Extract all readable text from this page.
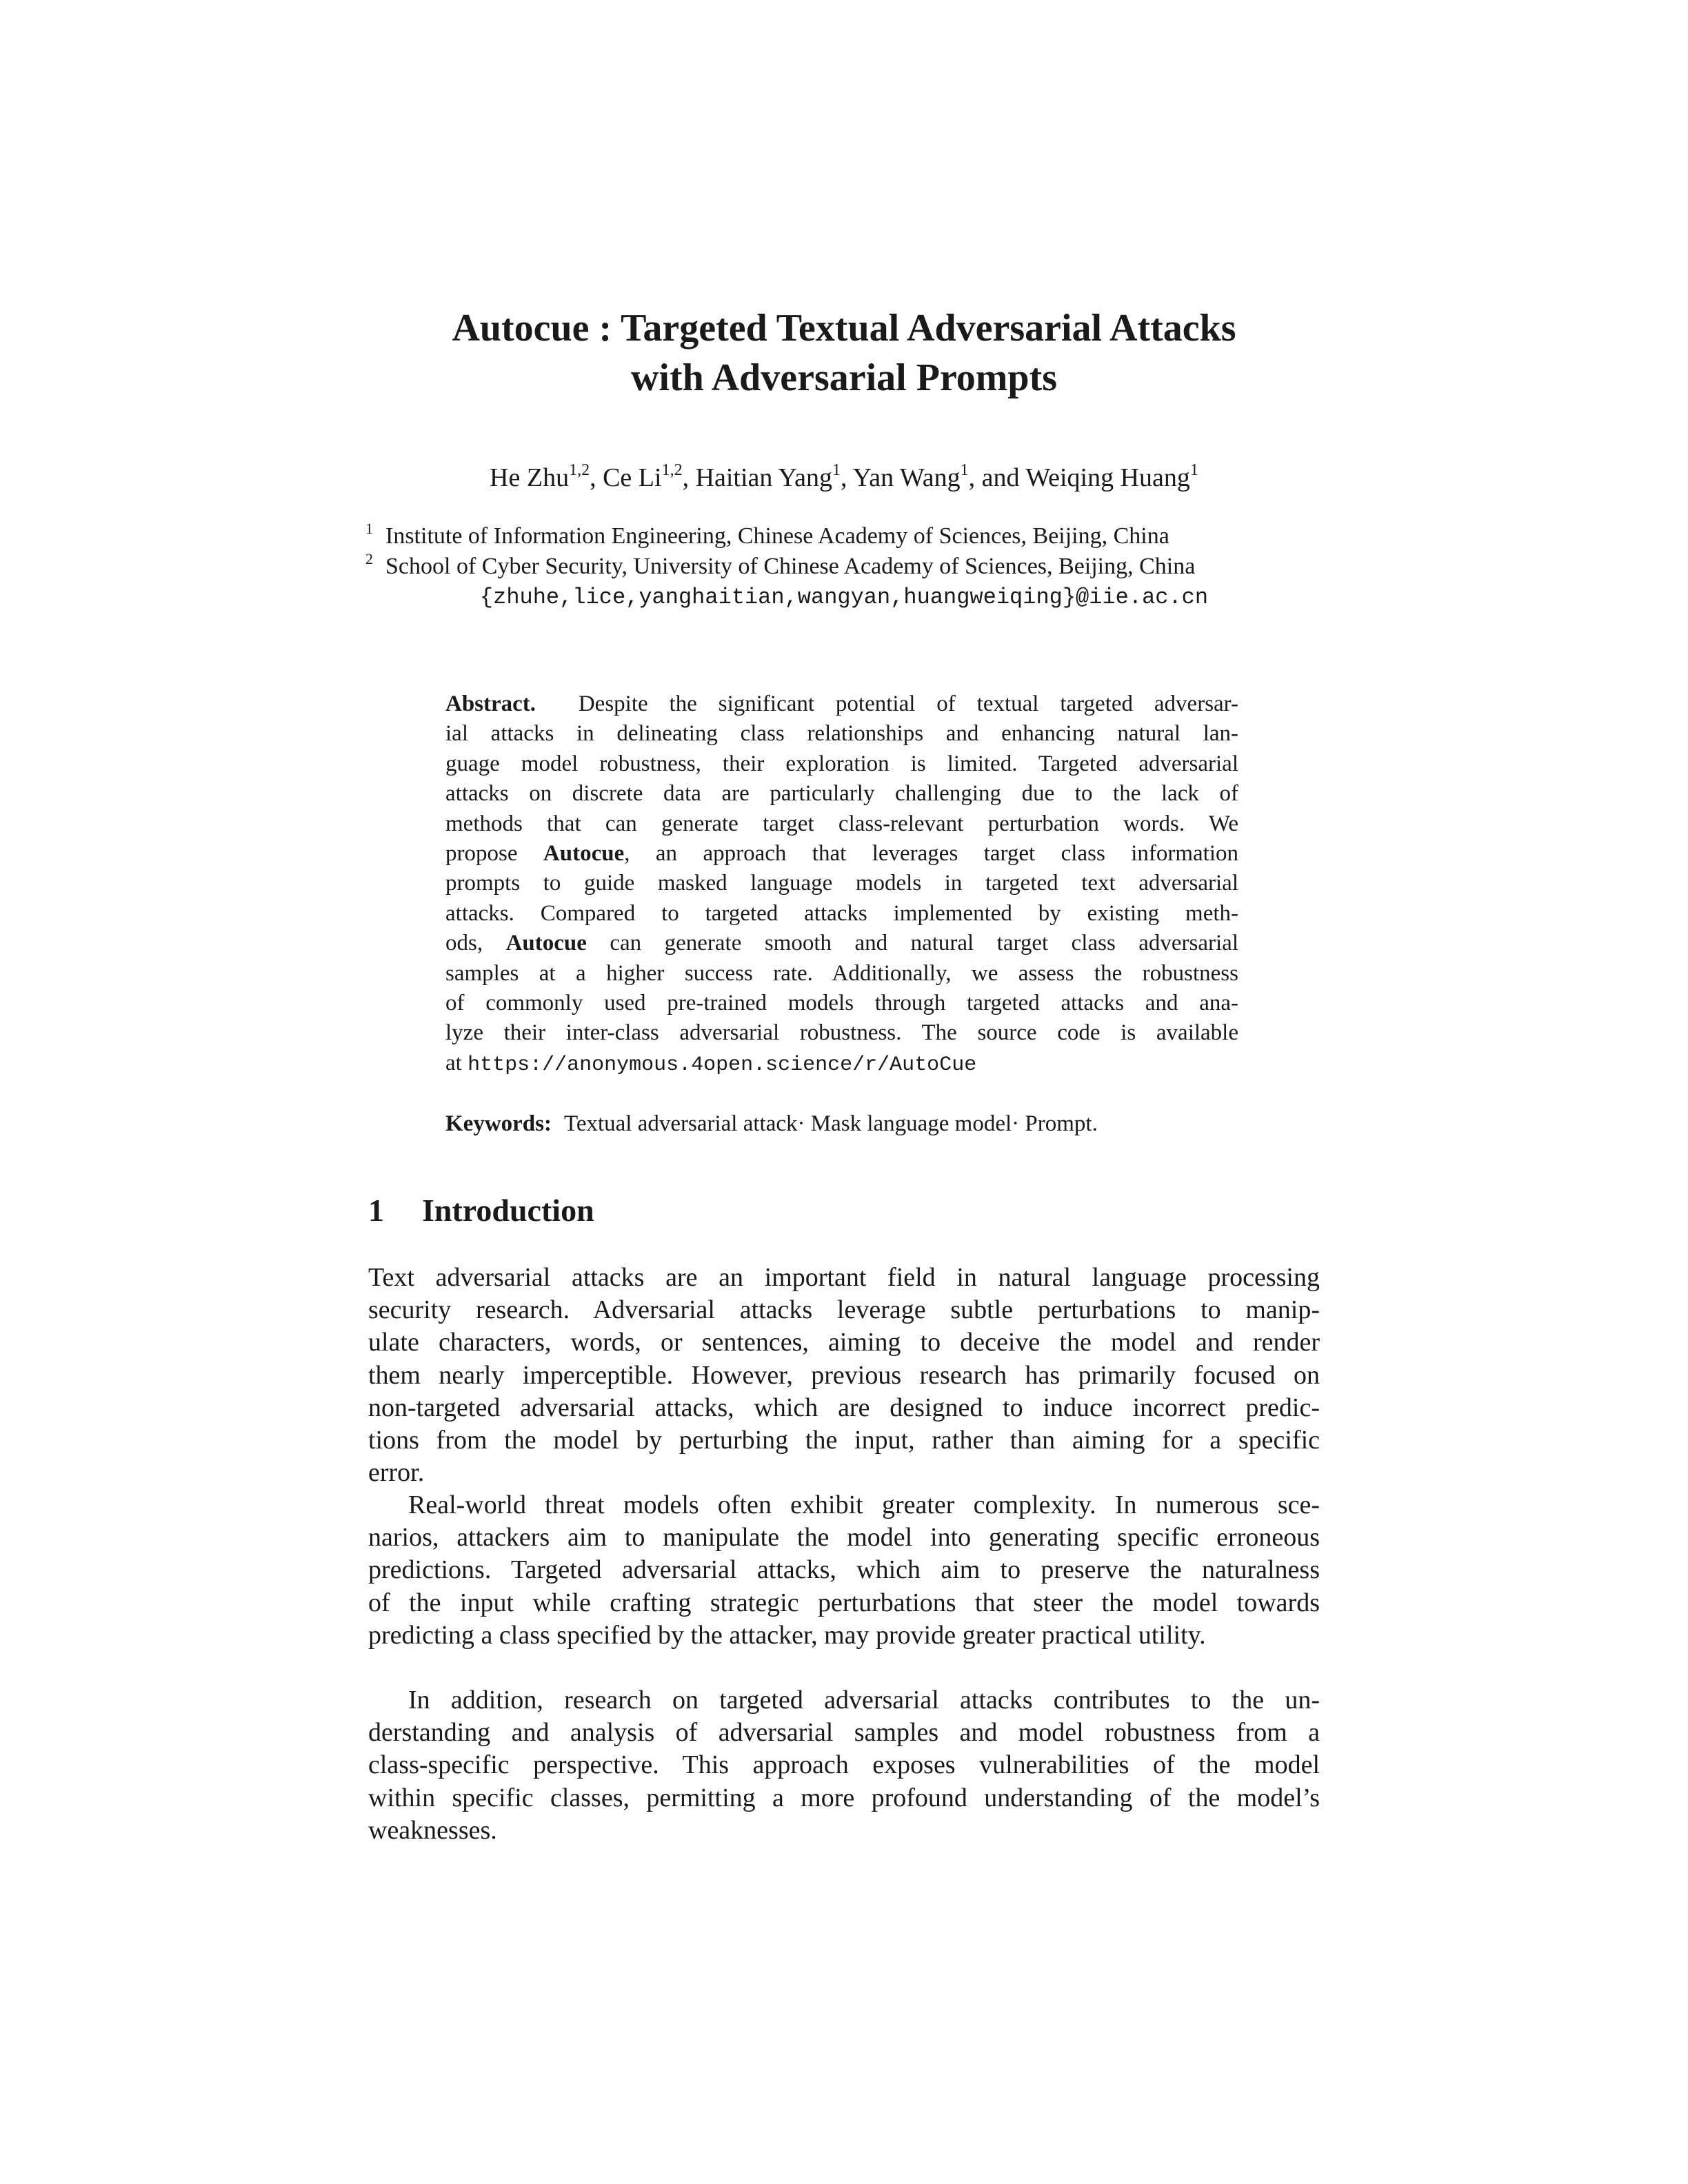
Autocue : Targeted Textual Adversarial Attacks
with Adversarial Prompts
He Zhu$^{1,2}$, Ce Li$^{1,2}$, Haitian Yang$^1$, Yan Wang$^1$, and Weiqing Huang$^1$
$^1$ Institute of Information Engineering, Chinese Academy of Sciences, Beijing, China
$^2$ School of Cyber Security, University of Chinese Academy of Sciences, Beijing, China
{zhuhe,lice,yanghaitian,wangyan,huangweiqing}@iie.ac.cn
Abstract. Despite the significant potential of textual targeted adversar-
ial attacks in delineating class relationships and enhancing natural lan-
guage model robustness, their exploration is limited. Targeted adversarial
attacks on discrete data are particularly challenging due to the lack of
methods that can generate target class-relevant perturbation words. We
propose Autocue, an approach that leverages target class information
prompts to guide masked language models in targeted text adversarial
attacks. Compared to targeted attacks implemented by existing meth-
ods, Autocue can generate smooth and natural target class adversarial
samples at a higher success rate. Additionally, we assess the robustness
of commonly used pre-trained models through targeted attacks and ana-
lyze their inter-class adversarial robustness. The source code is available
at https://anonymous.4open.science/r/AutoCue
Keywords: Textual adversarial attack· Mask language model· Prompt.
1 Introduction
Text adversarial attacks are an important field in natural language processing
security research. Adversarial attacks leverage subtle perturbations to manip-
ulate characters, words, or sentences, aiming to deceive the model and render
them nearly imperceptible. However, previous research has primarily focused on
non-targeted adversarial attacks, which are designed to induce incorrect predic-
tions from the model by perturbing the input, rather than aiming for a specific
error.
Real-world threat models often exhibit greater complexity. In numerous sce-
narios, attackers aim to manipulate the model into generating specific erroneous
predictions. Targeted adversarial attacks, which aim to preserve the naturalness
of the input while crafting strategic perturbations that steer the model towards
predicting a class specified by the attacker, may provide greater practical utility.
In addition, research on targeted adversarial attacks contributes to the un-
derstanding and analysis of adversarial samples and model robustness from a
class-specific perspective. This approach exposes vulnerabilities of the model
within specific classes, permitting a more profound understanding of the model’s
weaknesses.
